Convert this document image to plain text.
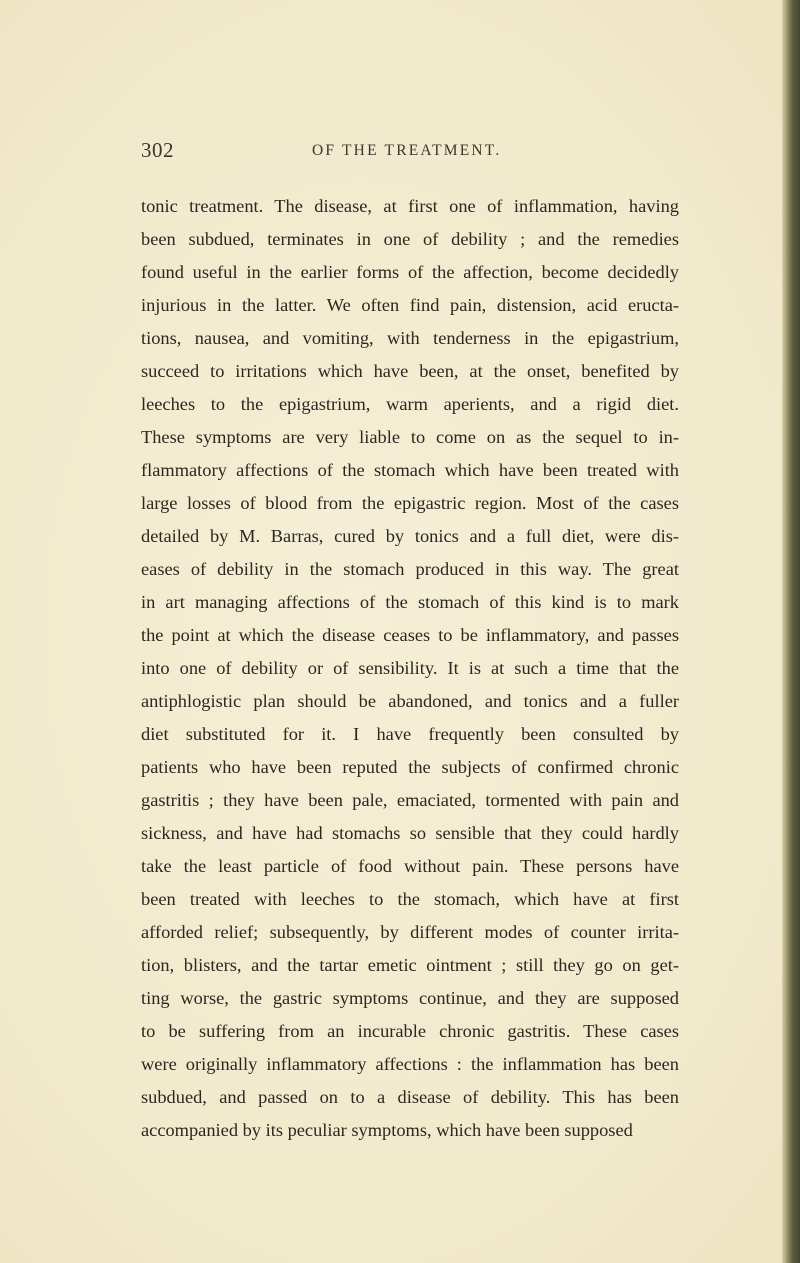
302	OF THE TREATMENT.
tonic treatment. The disease, at first one of inflammation, having
been subdued, terminates in one of debility ; and the remedies
found useful in the earlier forms of the affection, become decidedly
injurious in the latter. We often find pain, distension, acid eructa-
tions, nausea, and vomiting, with tenderness in the epigastrium,
succeed to irritations which have been, at the onset, benefited by
leeches to the epigastrium, warm aperients, and a rigid diet.
These symptoms are very liable to come on as the sequel to in-
flammatory affections of the stomach which have been treated with
large losses of blood from the epigastric region. Most of the cases
detailed by M. Barras, cured by tonics and a full diet, were dis-
eases of debility in the stomach produced in this way. The great
in art managing affections of the stomach of this kind is to mark
the point at which the disease ceases to be inflammatory, and passes
into one of debility or of sensibility. It is at such a time that the
antiphlogistic plan should be abandoned, and tonics and a fuller
diet substituted for it. I have frequently been consulted by
patients who have been reputed the subjects of confirmed chronic
gastritis ; they have been pale, emaciated, tormented with pain and
sickness, and have had stomachs so sensible that they could hardly
take the least particle of food without pain. These persons have
been treated with leeches to the stomach, which have at first
afforded relief; subsequently, by different modes of counter irrita-
tion, blisters, and the tartar emetic ointment ; still they go on get-
ting worse, the gastric symptoms continue, and they are supposed
to be suffering from an incurable chronic gastritis. These cases
were originally inflammatory affections : the inflammation has been
subdued, and passed on to a disease of debility. This has been
accompanied by its peculiar symptoms, which have been supposed
